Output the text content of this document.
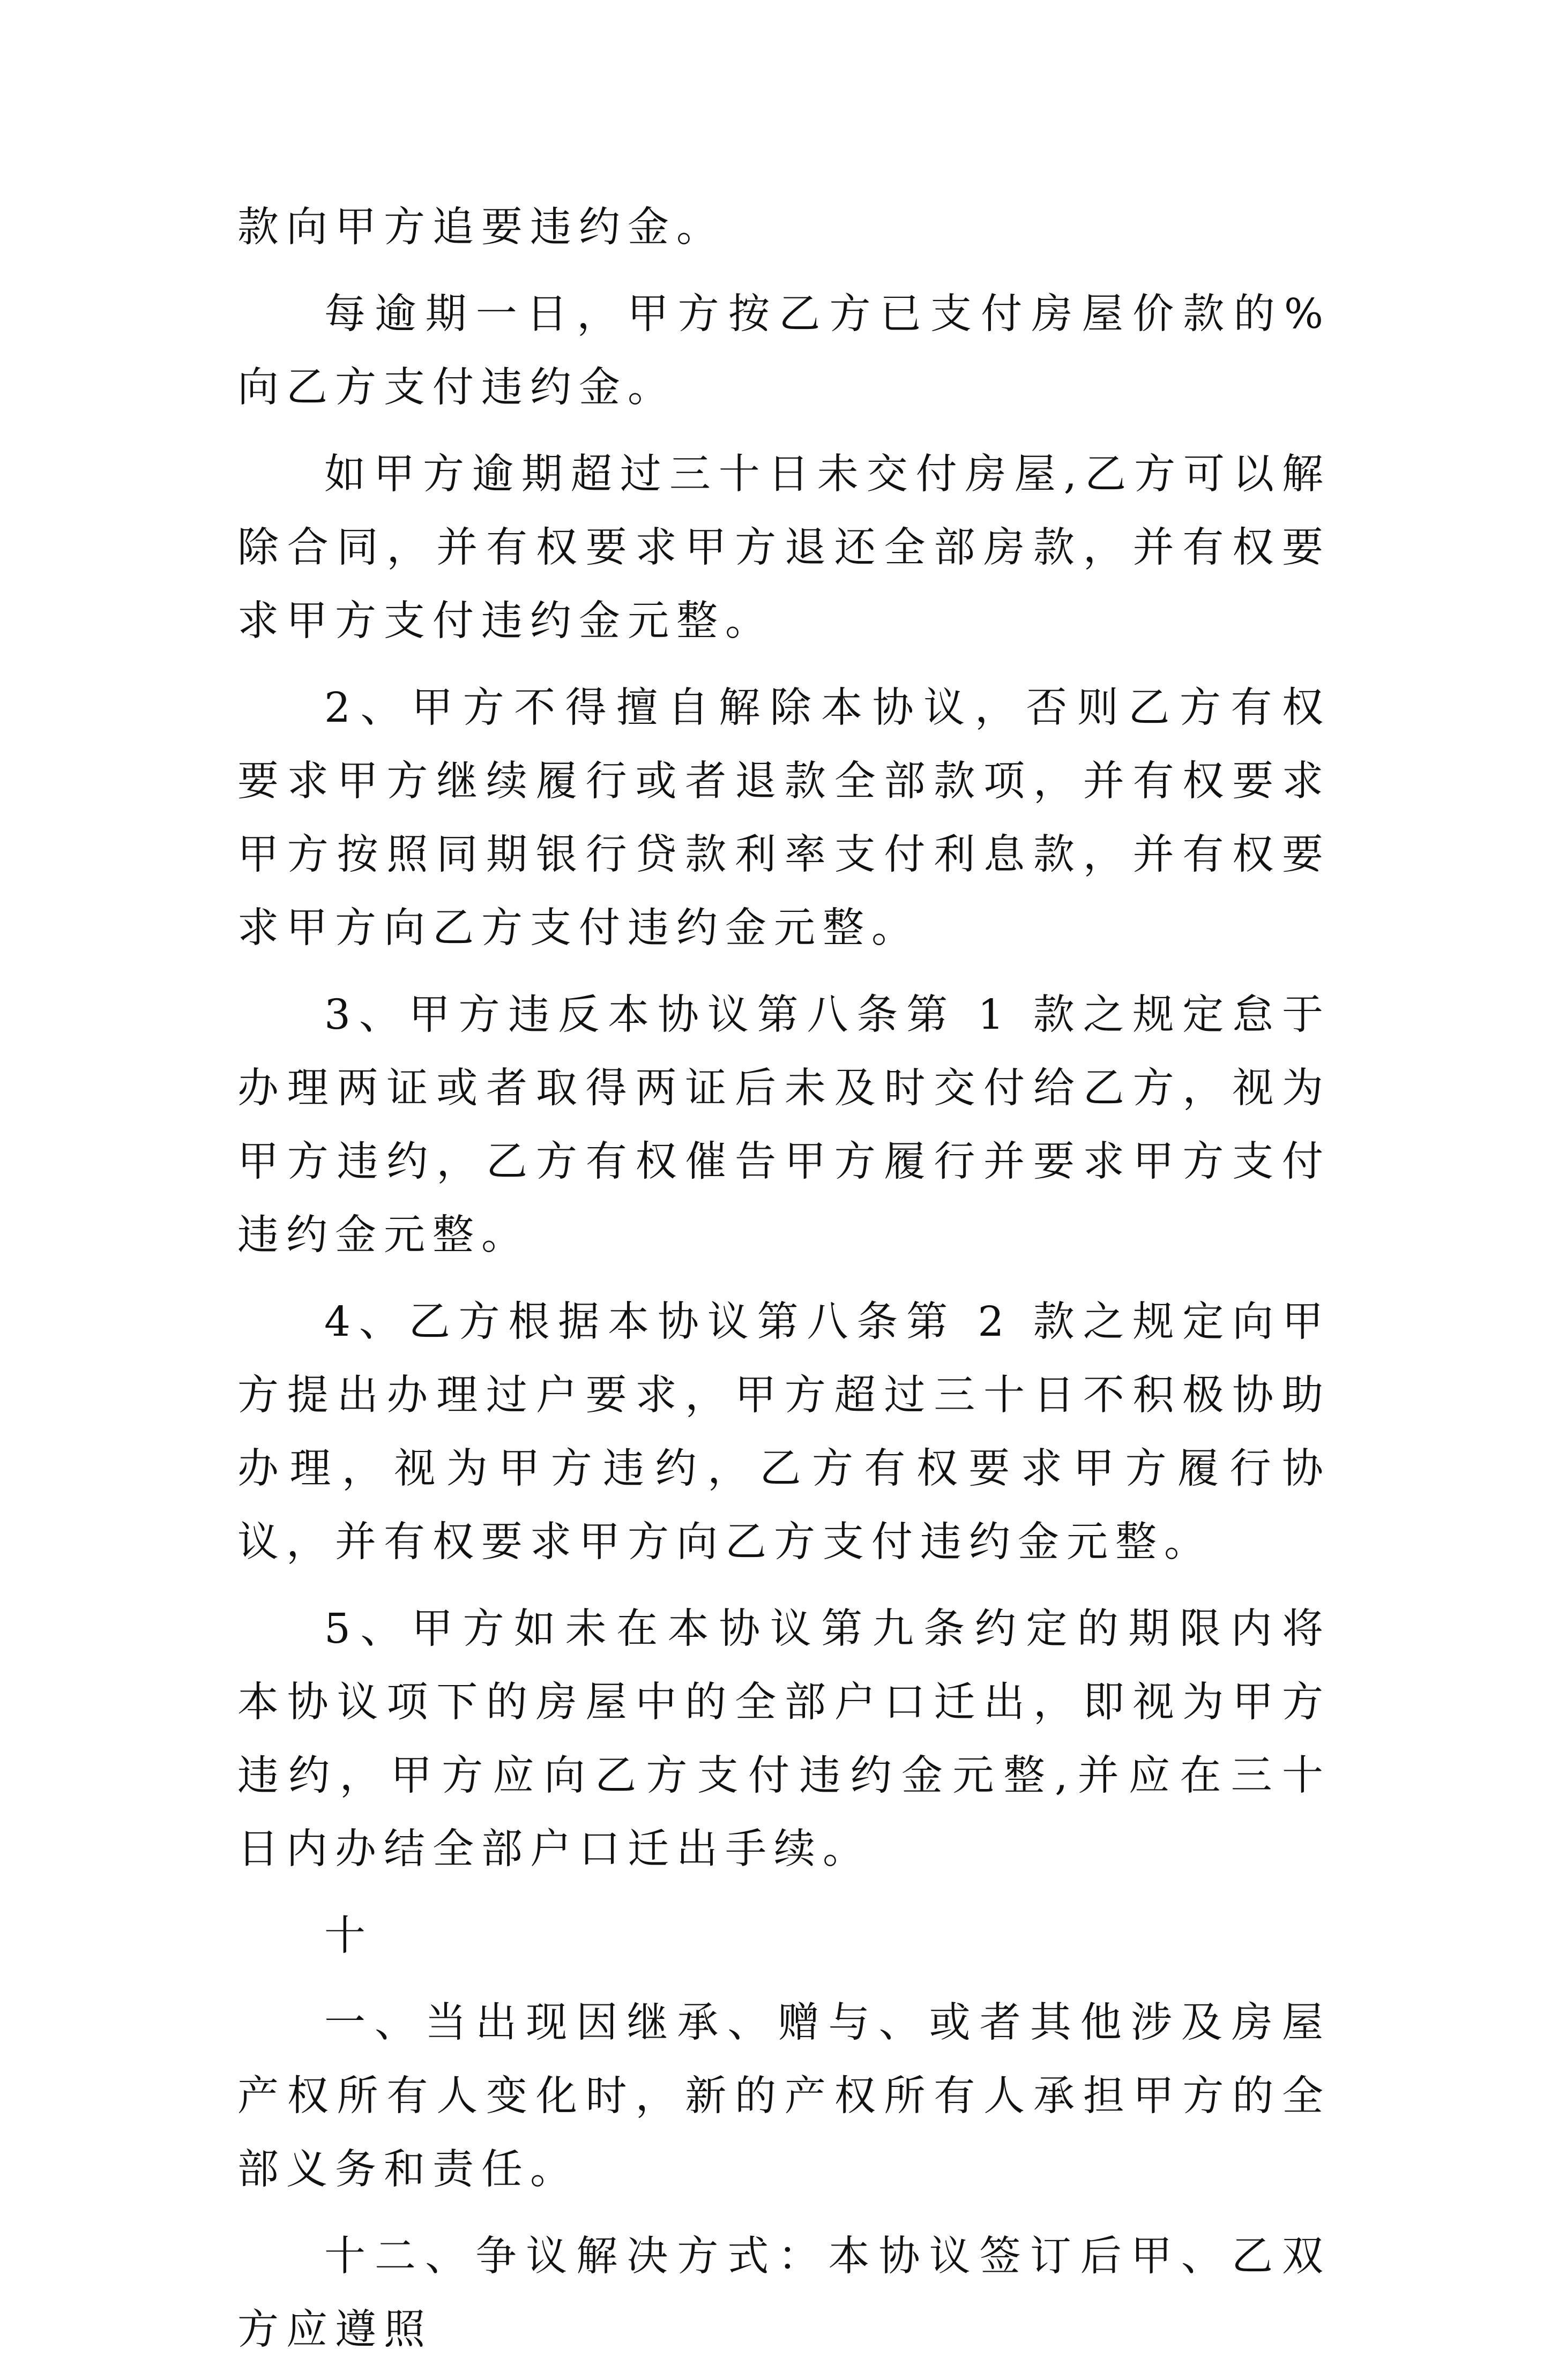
款向甲方追要违约金。

每逾期一日，甲方按乙方已支付房屋价款的%向乙方支付违约金。

如甲方逾期超过三十日未交付房屋,乙方可以解除合同，并有权要求甲方退还全部房款，并有权要求甲方支付违约金元整。

2、甲方不得擅自解除本协议，否则乙方有权要求甲方继续履行或者退款全部款项，并有权要求甲方按照同期银行贷款利率支付利息款，并有权要求甲方向乙方支付违约金元整。

3、甲方违反本协议第八条第 1 款之规定怠于办理两证或者取得两证后未及时交付给乙方，视为甲方违约，乙方有权催告甲方履行并要求甲方支付违约金元整。

4、乙方根据本协议第八条第 2 款之规定向甲方提出办理过户要求，甲方超过三十日不积极协助办理，视为甲方违约，乙方有权要求甲方履行协议，并有权要求甲方向乙方支付违约金元整。

5、甲方如未在本协议第九条约定的期限内将本协议项下的房屋中的全部户口迁出，即视为甲方违约，甲方应向乙方支付违约金元整,并应在三十日内办结全部户口迁出手续。

十

一、当出现因继承、赠与、或者其他涉及房屋产权所有人变化时，新的产权所有人承担甲方的全部义务和责任。

十二、争议解决方式：本协议签订后甲、乙双方应遵照
